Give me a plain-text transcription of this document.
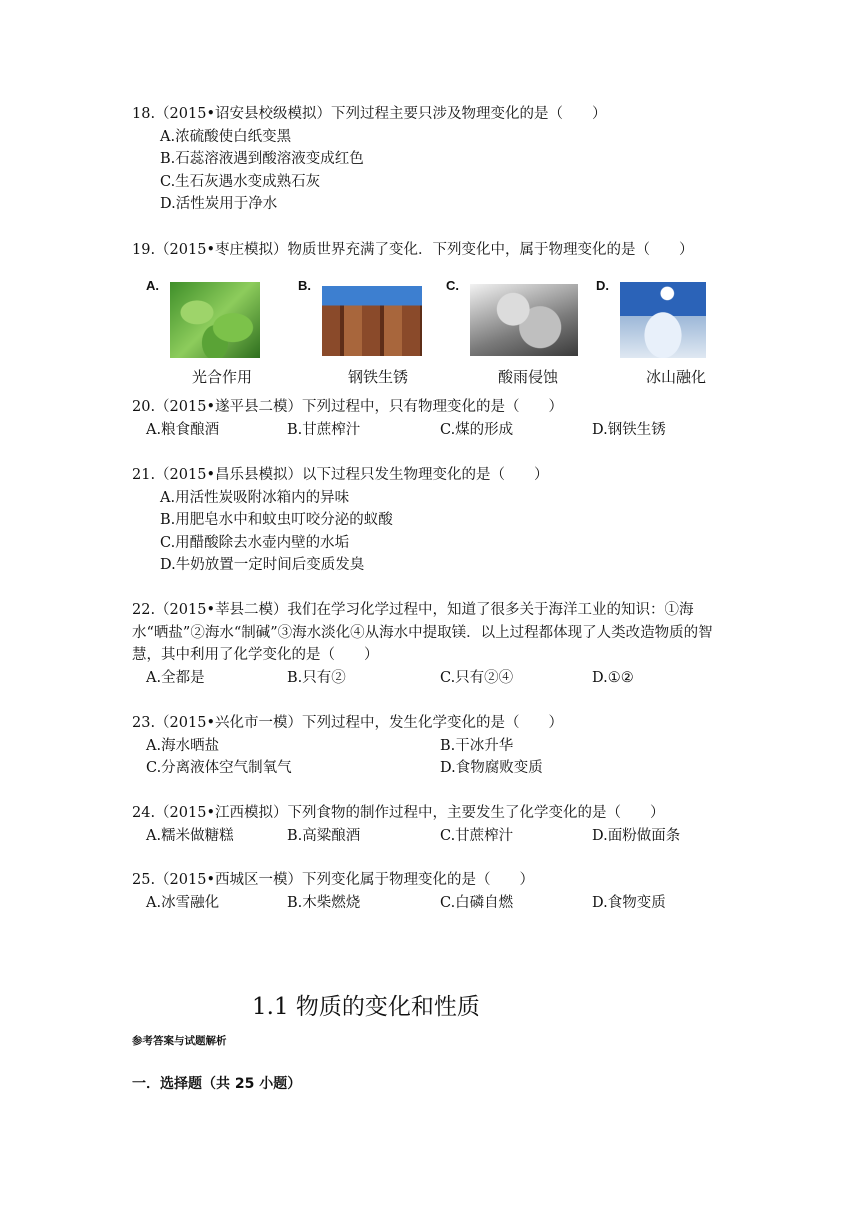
18.（2015•诏安县校级模拟）下列过程主要只涉及物理变化的是（　　）
A.浓硫酸使白纸变黑
B.石蕊溶液遇到酸溶液变成红色
C.生石灰遇水变成熟石灰
D.活性炭用于净水
19.（2015•枣庄模拟）物质世界充满了变化．下列变化中，属于物理变化的是（　　）
A.
光合作用
B.
钢铁生锈
C.
酸雨侵蚀
D.
冰山融化
20.（2015•遂平县二模）下列过程中，只有物理变化的是（　　）
A.粮食酿酒	B.甘蔗榨汁	C.煤的形成	D.钢铁生锈
21.（2015•昌乐县模拟）以下过程只发生物理变化的是（　　）
A.用活性炭吸附冰箱内的异味
B.用肥皂水中和蚊虫叮咬分泌的蚁酸
C.用醋酸除去水壶内壁的水垢
D.牛奶放置一定时间后变质发臭
22.（2015•莘县二模）我们在学习化学过程中，知道了很多关于海洋工业的知识：①海水“晒盐”②海水“制碱”③海水淡化④从海水中提取镁．以上过程都体现了人类改造物质的智慧，其中利用了化学变化的是（　　）
A.全都是	B.只有②	C.只有②④	D.①②
23.（2015•兴化市一模）下列过程中，发生化学变化的是（　　）
A.海水晒盐	B.干冰升华
C.分离液体空气制氧气	D.食物腐败变质
24.（2015•江西模拟）下列食物的制作过程中，主要发生了化学变化的是（　　）
A.糯米做糖糕	B.高粱酿酒	C.甘蔗榨汁	D.面粉做面条
25.（2015•西城区一模）下列变化属于物理变化的是（　　）
A.冰雪融化	B.木柴燃烧	C.白磷自燃	D.食物变质
1.1 物质的变化和性质
参考答案与试题解析
一．选择题（共 25 小题）
